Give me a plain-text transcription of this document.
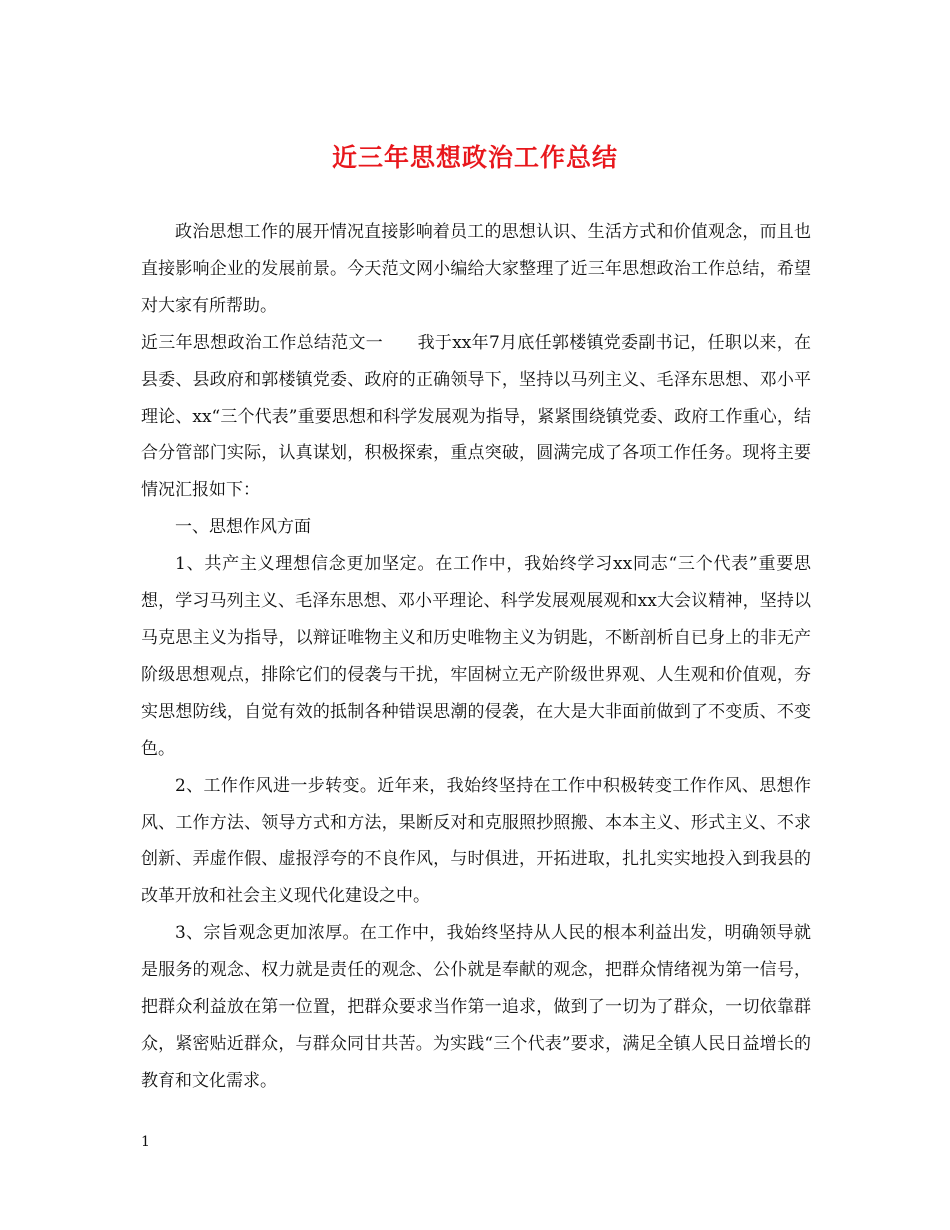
近三年思想政治工作总结

政治思想工作的展开情况直接影响着员工的思想认识、生活方式和价值观念，而且也直接影响企业的发展前景。今天范文网小编给大家整理了近三年思想政治工作总结，希望对大家有所帮助。

近三年思想政治工作总结范文一　　我于xx年7月底任郭楼镇党委副书记，任职以来，在县委、县政府和郭楼镇党委、政府的正确领导下，坚持以马列主义、毛泽东思想、邓小平理论、xx“三个代表”重要思想和科学发展观为指导，紧紧围绕镇党委、政府工作重心，结合分管部门实际，认真谋划，积极探索，重点突破，圆满完成了各项工作任务。现将主要情况汇报如下：

一、思想作风方面

1、共产主义理想信念更加坚定。在工作中，我始终学习xx同志“三个代表”重要思想，学习马列主义、毛泽东思想、邓小平理论、科学发展观展观和xx大会议精神，坚持以马克思主义为指导，以辩证唯物主义和历史唯物主义为钥匙，不断剖析自已身上的非无产阶级思想观点，排除它们的侵袭与干扰，牢固树立无产阶级世界观、人生观和价值观，夯实思想防线，自觉有效的抵制各种错误思潮的侵袭，在大是大非面前做到了不变质、不变色。

2、工作作风进一步转变。近年来，我始终坚持在工作中积极转变工作作风、思想作风、工作方法、领导方式和方法，果断反对和克服照抄照搬、本本主义、形式主义、不求创新、弄虚作假、虚报浮夸的不良作风，与时俱进，开拓进取，扎扎实实地投入到我县的改革开放和社会主义现代化建设之中。

3、宗旨观念更加浓厚。在工作中，我始终坚持从人民的根本利益出发，明确领导就是服务的观念、权力就是责任的观念、公仆就是奉献的观念，把群众情绪视为第一信号，把群众利益放在第一位置，把群众要求当作第一追求，做到了一切为了群众，一切依靠群众，紧密贴近群众，与群众同甘共苦。为实践“三个代表”要求，满足全镇人民日益增长的教育和文化需求。

1
